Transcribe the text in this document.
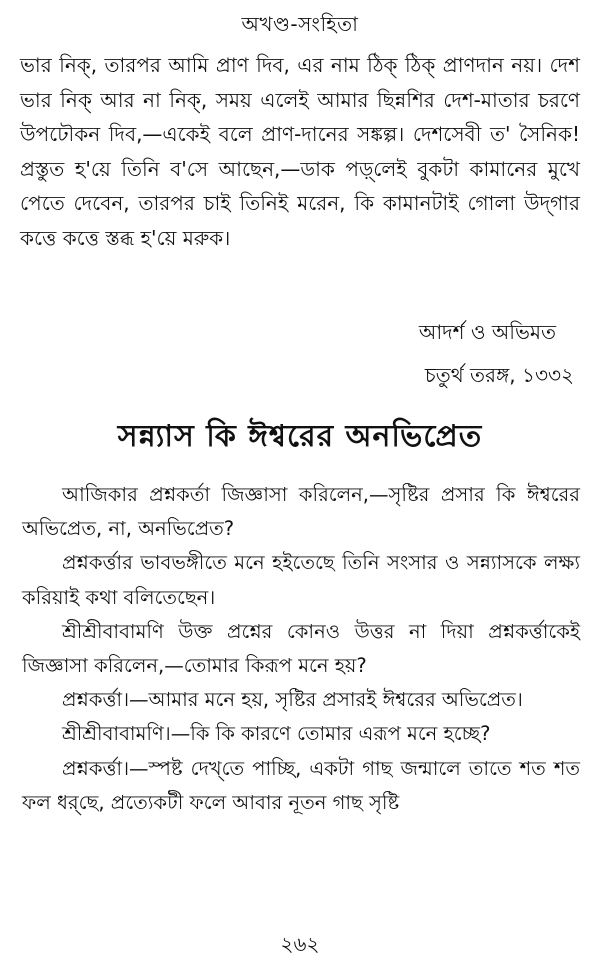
অখণ্ড-সংহিতা

ভার নিক্‌, তারপর আমি প্রাণ দিব, এর নাম ঠিক্‌ ঠিক্‌ প্রাণদান নয়। দেশ ভার নিক্‌ আর না নিক্‌, সময় এলেই আমার ছিন্নশির দেশ-মাতার চরণে উপঢৌকন দিব,—একেই বলে প্রাণ-দানের সঙ্কল্প। দেশসেবী ত' সৈনিক! প্রস্তুত হ'য়ে তিনি ব'সে আছেন,—ডাক পড়্‌লেই বুকটা কামানের মুখে পেতে দেবেন, তারপর চাই তিনিই মরেন, কি কামানটাই গোলা উদ্‌গার কত্তে কত্তে স্তব্ধ হ'য়ে মরুক।

আদর্শ ও অভিমত
চতুর্থ তরঙ্গ, ১৩৩২
সন্ন্যাস কি ঈশ্বরের অনভিপ্রেত

আজিকার প্রশ্নকর্তা জিজ্ঞাসা করিলেন,—সৃষ্টির প্রসার কি ঈশ্বরের অভিপ্রেত, না, অনভিপ্রেত?

প্রশ্নকর্ত্তার ভাবভঙ্গীতে মনে হইতেছে তিনি সংসার ও সন্ন্যাসকে লক্ষ্য করিয়াই কথা বলিতেছেন।

শ্রীশ্রীবাবামণি উক্ত প্রশ্নের কোনও উত্তর না দিয়া প্রশ্নকর্ত্তাকেই জিজ্ঞাসা করিলেন,—তোমার কিরূপ মনে হয়?

প্রশ্নকর্ত্তা।—আমার মনে হয়, সৃষ্টির প্রসারই ঈশ্বরের অভিপ্রেত।

শ্রীশ্রীবাবামণি।—কি কি কারণে তোমার এরূপ মনে হচ্ছে?

প্রশ্নকর্ত্তা।—স্পষ্ট দেখ্‌তে পাচ্ছি, একটা গাছ জন্মালে তাতে শত শত ফল ধর্‌ছে, প্রত্যেকটী ফলে আবার নূতন গাছ সৃষ্টি

২৬২
